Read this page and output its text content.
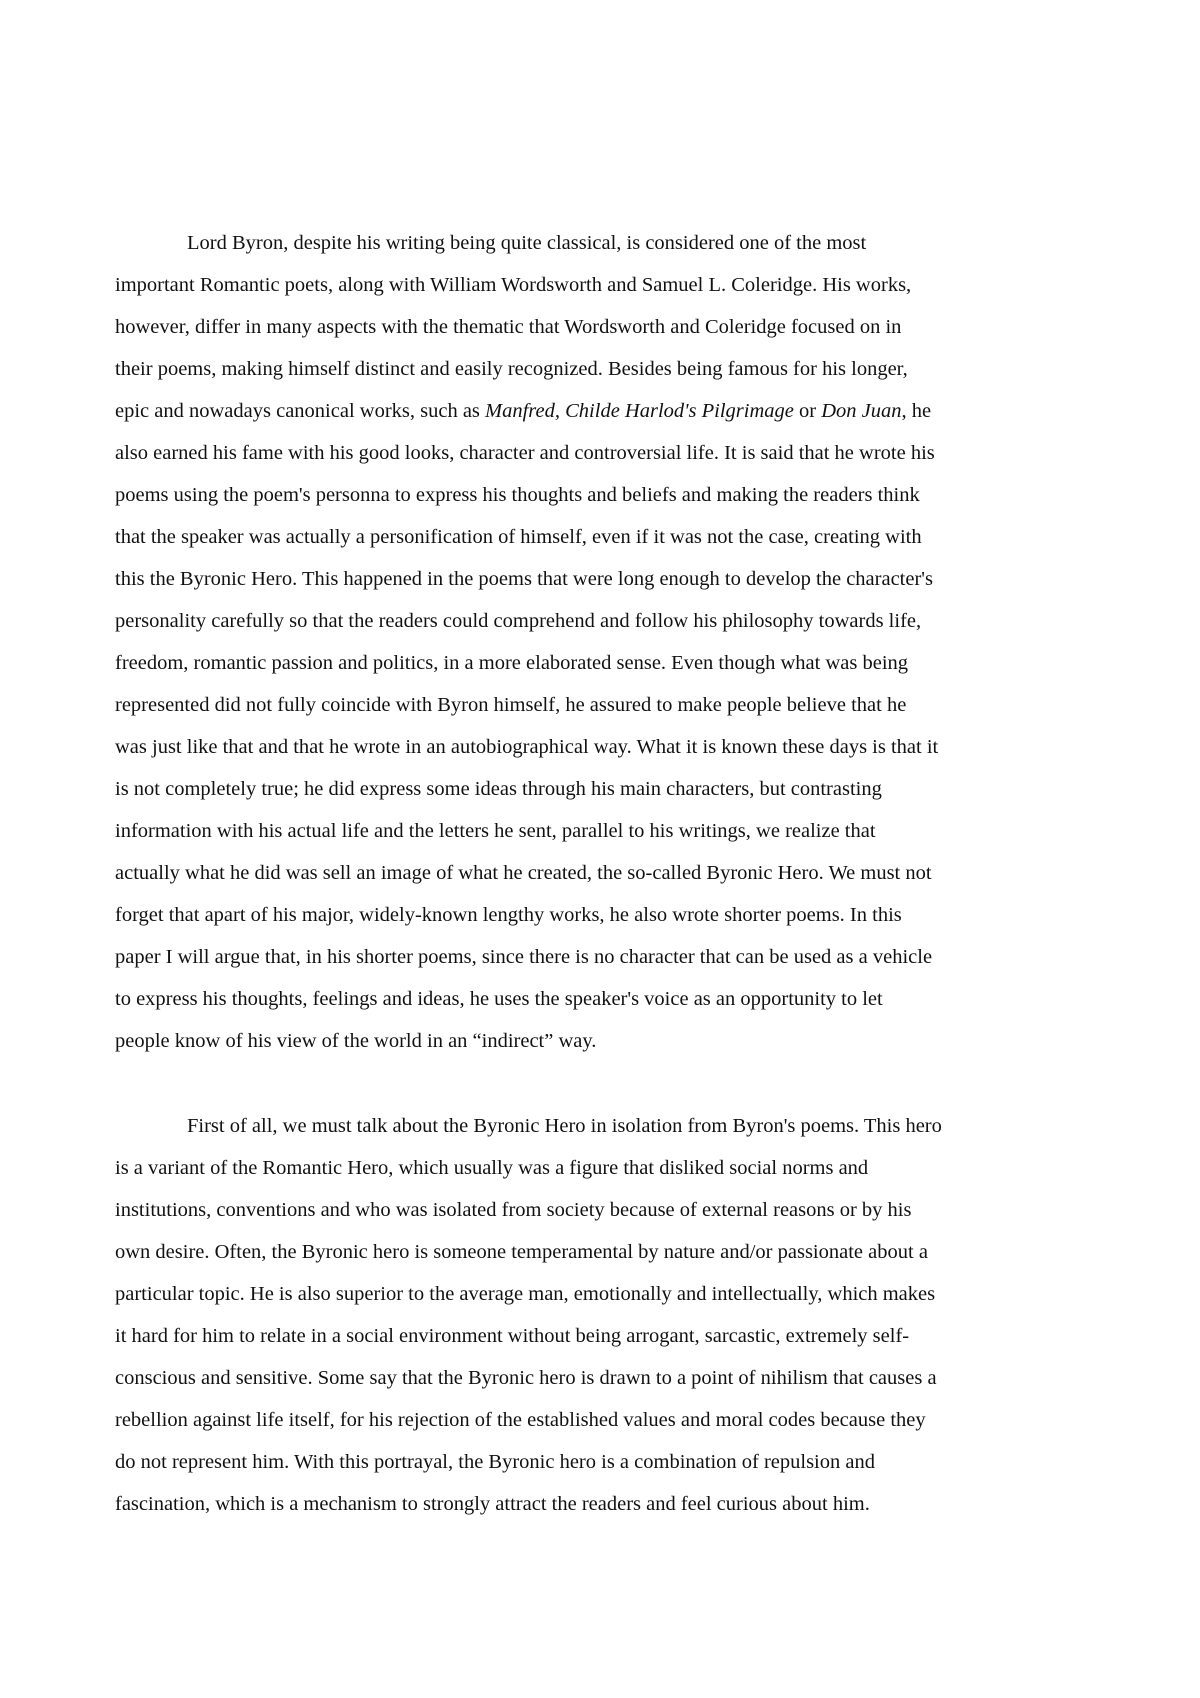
Lord Byron, despite his writing being quite classical, is considered one of the most
important Romantic poets, along with William Wordsworth and Samuel L. Coleridge. His works,
however, differ in many aspects with the thematic that Wordsworth and Coleridge focused on in
their poems, making himself distinct and easily recognized. Besides being famous for his longer,
epic and nowadays canonical works, such as Manfred, Childe Harlod's Pilgrimage or Don Juan, he
also earned his fame with his good looks, character and controversial life. It is said that he wrote his
poems using the poem's personna to express his thoughts and beliefs and making the readers think
that the speaker was actually a personification of himself, even if it was not the case, creating with
this the Byronic Hero. This happened in the poems that were long enough to develop the character's
personality carefully so that the readers could comprehend and follow his philosophy towards life,
freedom, romantic passion and politics, in a more elaborated sense. Even though what was being
represented did not fully coincide with Byron himself, he assured to make people believe that he
was just like that and that he wrote in an autobiographical way. What it is known these days is that it
is not completely true; he did express some ideas through his main characters, but contrasting
information with his actual life and the letters he sent, parallel to his writings, we realize that
actually what he did was sell an image of what he created, the so-called Byronic Hero. We must not
forget that apart of his major, widely-known lengthy works, he also wrote shorter poems. In this
paper I will argue that, in his shorter poems, since there is no character that can be used as a vehicle
to express his thoughts, feelings and ideas, he uses the speaker's voice as an opportunity to let
people know of his view of the world in an “indirect” way.
First of all, we must talk about the Byronic Hero in isolation from Byron's poems. This hero
is a variant of the Romantic Hero, which usually was a figure that disliked social norms and
institutions, conventions and who was isolated from society because of external reasons or by his
own desire. Often, the Byronic hero is someone temperamental by nature and/or passionate about a
particular topic. He is also superior to the average man, emotionally and intellectually, which makes
it hard for him to relate in a social environment without being arrogant, sarcastic, extremely self-
conscious and sensitive. Some say that the Byronic hero is drawn to a point of nihilism that causes a
rebellion against life itself, for his rejection of the established values and moral codes because they
do not represent him. With this portrayal, the Byronic hero is a combination of repulsion and
fascination, which is a mechanism to strongly attract the readers and feel curious about him.
